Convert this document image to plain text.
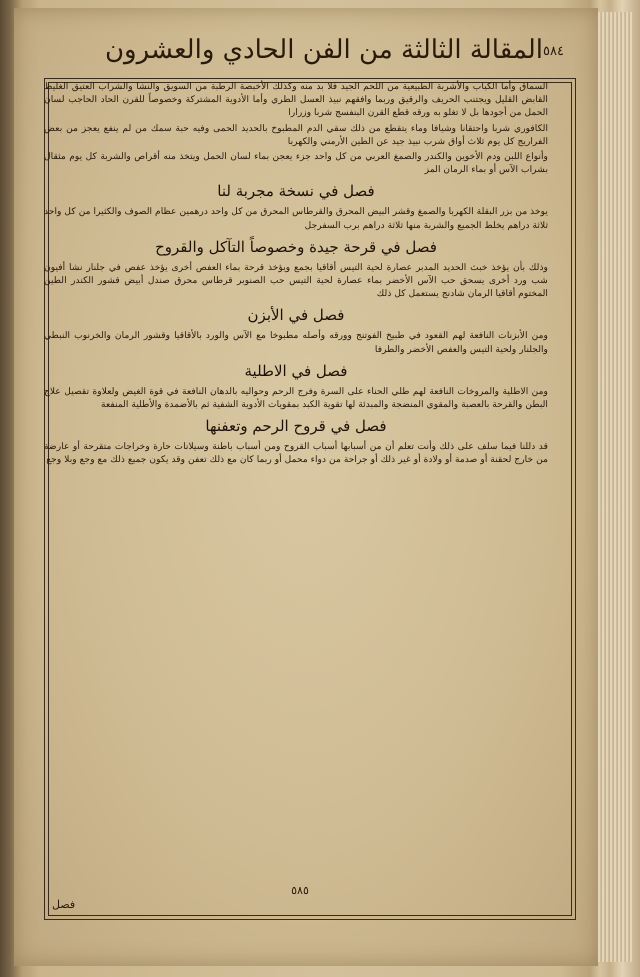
المقالة الثالثة من الفن الحادي والعشرون ٥٨٤

السماق وأما الكباب والأشربة الطبيعية من اللحم الجيد فلا بد منه وكذلك الأخبصة الرطبة من السويق والنشا والشراب العتيق الغليظ القابض القليل ويجتنب الحريف والرقيق وربما وافقهم نبيذ العسل الطري وأما الأدوية المشتركة وخصوصاً للقرن الحاد الحاجب لسان الحمل من أجودها بل لا تغلو به ورقه قطع القرن البنفسج شربا وزرارا

الكافوري شربا واحتقانا وشيافا وماء يتقطع من ذلك سقي الدم المطبوخ بالحديد الحمى وفيه حبة سمك من لم ينفع يعجز من بعض الفراريج كل يوم ثلاث أواق شرب نبيذ جيد عن الطين الأرمني والكهربا

وأنواع اللبن ودم الأخوين والكندر والصمغ العربي من كل واحد جزء يعجن بماء لسان الحمل ويتخذ منه أقراص والشربة كل يوم مثقال بشراب الآس أو بماء الرمان المز

فصل في نسخة مجربة لنا

يوخذ من بزر البقلة الكهربا والصمغ وقشر البيض المحرق والقرطاس المحرق من كل واحد درهمين عظام الصوف والكثيرا من كل واحد ثلاثة دراهم يخلط الجميع والشربة منها ثلاثة دراهم برب السفرجل

فصل في قرحة جيدة وخصوصاً التآكل والقروح

وذلك بأن يؤخذ خبث الحديد المدبر عصارة لحية التيس أقاقيا بجمع ويؤخذ قرحة بماء العفص أخرى يؤخذ عفص في جلنار نشا أفيون شب ورد أخرى يسحق حب الآس الأخضر بماء عصارة لحية التيس حب الصنوبر قرطاس محرق صندل أبيض قشور الكندر الطين المختوم أقاقيا الرمان شادنج يستعمل كل ذلك

فصل في الأبزن

ومن الأبزنات النافعة لهم القعود في طبيخ الفوتنج وورقه وأصله مطبوخا مع الآس والورد بالأقاقيا وقشور الرمان والخرنوب النبطي والجلنار ولحية التيس والعفص الأخضر والطرفا

فصل في الاطلية

ومن الاطلية والمروخات النافعة لهم طلي الحناء على السرة وفرج الرحم وحواليه بالدهان النافعة في قوة الغيض ولعلاوة تقصيل علاج البطن والقرحة بالعصبة والمقوي المنضجة والمبدئة لها تقوية الكبد بمقويات الأدوية الشفية ثم بالأضمدة والأطلية المنفعة

فصل في قروح الرحم وتعفنها

قد دللنا فيما سلف على ذلك وأنت تعلم أن من أسبابها أسباب القروح ومن أسباب باطنة وسيلانات حارة وخراجات متقرحة أو عارضة من خارج لحقنة أو صدمة أو ولادة أو غير ذلك أو جراحة من دواء محمل أو ربما كان مع ذلك تعفن وقد يكون جميع ذلك مع وجع وبلا وجع

٥٨٥
فصل
